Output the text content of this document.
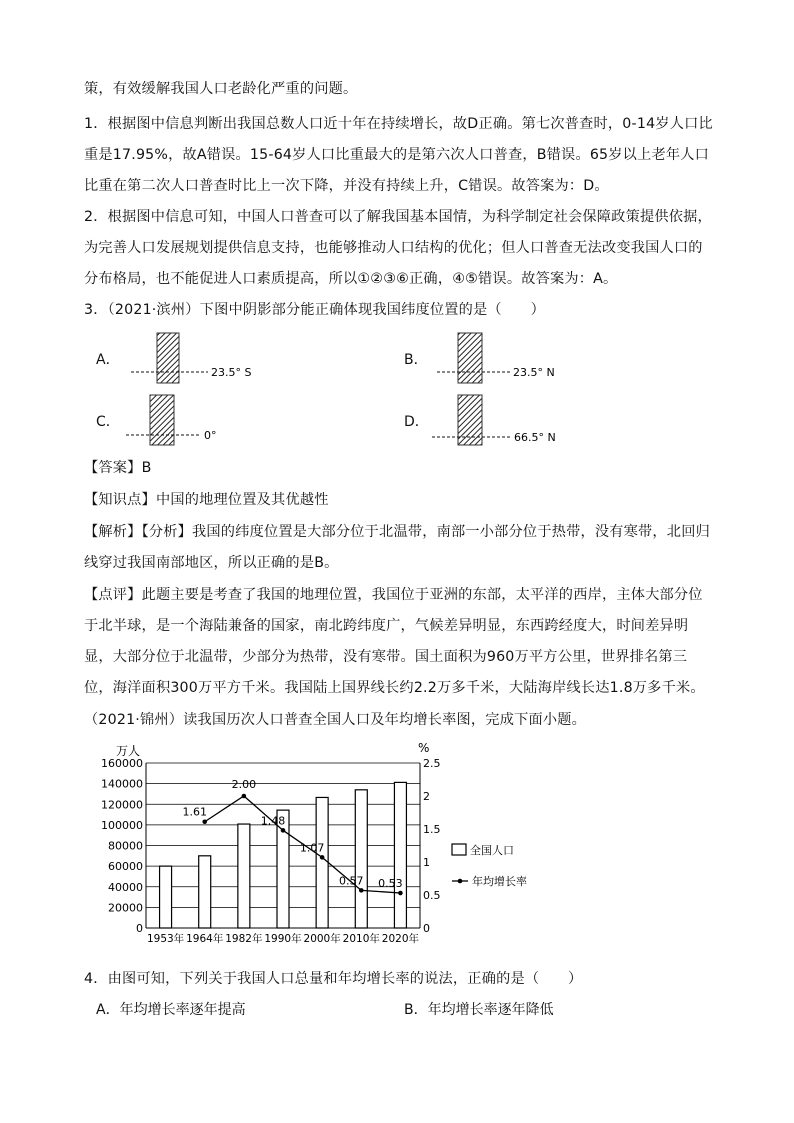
策，有效缓解我国人口老龄化严重的问题。
1．根据图中信息判断出我国总数人口近十年在持续增长，故D正确。第七次普查时，0-14岁人口比
重是17.95%，故A错误。15-64岁人口比重最大的是第六次人口普查，B错误。65岁以上老年人口
比重在第二次人口普查时比上一次下降，并没有持续上升，C错误。故答案为：D。
2．根据图中信息可知，中国人口普查可以了解我国基本国情，为科学制定社会保障政策提供依据，
为完善人口发展规划提供信息支持，也能够推动人口结构的优化；但人口普查无法改变我国人口的
分布格局，也不能促进人口素质提高，所以①②③⑥正确，④⑤错误。故答案为：A。
3．（2021·滨州）下图中阴影部分能正确体现我国纬度位置的是（　　）
A．
23.5° S
B．
23.5° N
C．
0°
D．
66.5° N
【答案】B
【知识点】中国的地理位置及其优越性
【解析】【分析】我国的纬度位置是大部分位于北温带，南部一小部分位于热带，没有寒带，北回归
线穿过我国南部地区，所以正确的是B。
【点评】此题主要是考查了我国的地理位置，我国位于亚洲的东部，太平洋的西岸，主体大部分位
于北半球，是一个海陆兼备的国家，南北跨纬度广，气候差异明显，东西跨经度大，时间差异明
显，大部分位于北温带，少部分为热带，没有寒带。国土面积为960万平方公里，世界排名第三
位，海洋面积300万平方千米。我国陆上国界线长约2.2万多千米，大陆海岸线长达1.8万多千米。
（2021·锦州）读我国历次人口普查全国人口及年均增长率图，完成下面小题。
0
20000
40000
60000
80000
100000
120000
140000
160000
0
0.5
1
1.5
2
2.5
万人	%
1953年 1964年 1982年 1990年 2000年 2010年 2020年
1.61
2.00
1.48
1.07
0.57 0.53
全国人口
年均增长率
4．由图可知，下列关于我国人口总量和年均增长率的说法，正确的是（　　）
A．年均增长率逐年提高	B．年均增长率逐年降低
